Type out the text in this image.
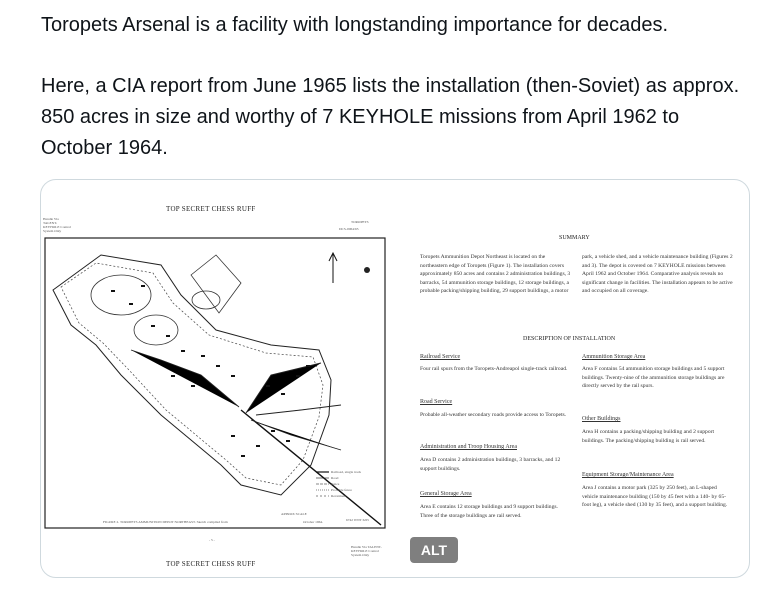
Toropets Arsenal is a facility with longstanding importance for decades.

Here, a CIA report from June 1965 lists the installation (then-Soviet) as approx. 850 acres in size and worthy of 7 KEYHOLE missions from April 1962 to October 1964.

TOP SECRET CHESS RUFF
Handle Via TALENT-KEYHOLE Control System Only	DCS-0064/65
TOROPETS
Railroad, single track
Road
Fence
Probable fence
Revetment
APPROX SCALE
FIGURE 2. TOROPETS AMMUNITION DEPOT NORTHEAST. Sketch compiled from	October 1964.	6742 WNT 6/65
- 5 -
Handle Via TALENT-KEYHOLE Control System Only
TOP SECRET CHESS RUFF
SUMMARY
Toropets Ammunition Depot Northeast is located on the northeastern edge of Toropets (Figure 1). The installation covers approximately 850 acres and contains 2 administration buildings, 3 barracks, 54 ammunition storage buildings, 12 storage buildings, a probable packing/shipping building, 29 support buildings, a motor
park, a vehicle shed, and a vehicle maintenance building (Figures 2 and 3). The depot is covered on 7 KEYHOLE missions between April 1962 and October 1964. Comparative analysis reveals no significant change in facilities. The installation appears to be active and occupied on all coverage.
DESCRIPTION OF INSTALLATION
Railroad Service
Four rail spurs from the Toropets-Andreapol single-track railroad.
Road Service
Probable all-weather secondary roads provide access to Toropets.
Administration and Troop Housing Area
Area D contains 2 administration buildings, 3 barracks, and 12 support buildings.
General Storage Area
Area E contains 12 storage buildings and 9 support buildings. Three of the storage buildings are rail served.
Ammunition Storage Area
Area F contains 54 ammunition storage buildings and 5 support buildings. Twenty-nine of the ammunition storage buildings are directly served by the rail spurs.
Other Buildings
Area H contains a packing/shipping building and 2 support buildings. The packing/shipping building is rail served.
Equipment Storage/Maintenance Area
Area J contains a motor park (325 by 250 feet), an L-shaped vehicle maintenance building (150 by 45 feet with a 140- by 65-foot leg), a vehicle shed (130 by 35 feet), and a support building.
ALT
